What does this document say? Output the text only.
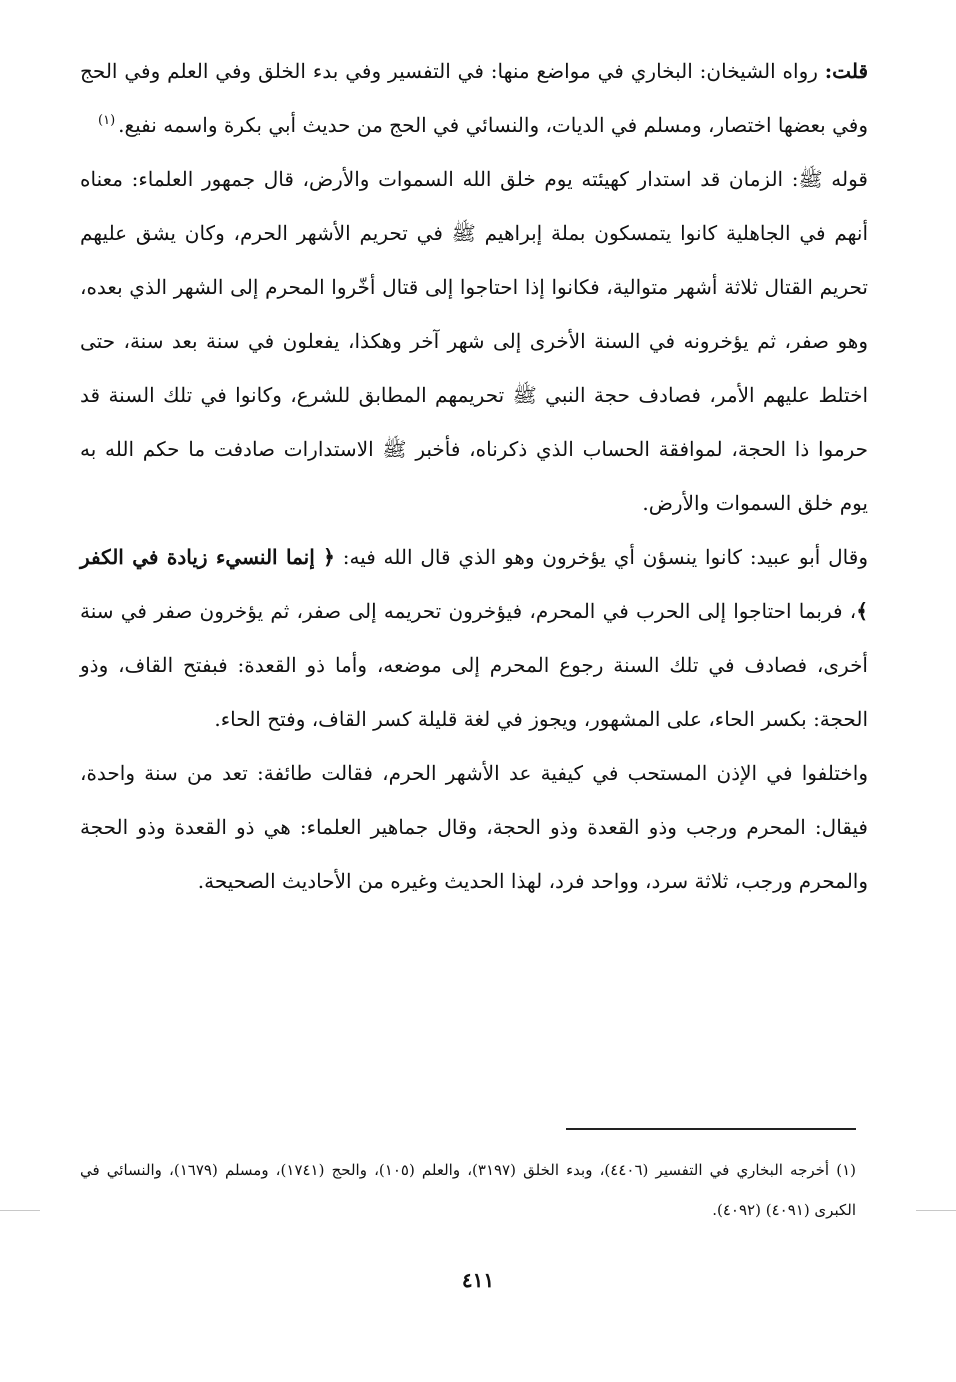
قلت: رواه الشيخان: البخاري في مواضع منها: في التفسير وفي بدء الخلق وفي العلم وفي الحج وفي بعضها اختصار، ومسلم في الديات، والنسائي في الحج من حديث أبي بكرة واسمه نفيع.$^{(١)}$

قوله ﷺ: الزمان قد استدار كهيئته يوم خلق الله السموات والأرض، قال جمهور العلماء: معناه أنهم في الجاهلية كانوا يتمسكون بملة إبراهيم ﷺ في تحريم الأشهر الحرم، وكان يشق عليهم تحريم القتال ثلاثة أشهر متوالية، فكانوا إذا احتاجوا إلى قتال أخّروا المحرم إلى الشهر الذي بعده، وهو صفر، ثم يؤخرونه في السنة الأخرى إلى شهر آخر وهكذا، يفعلون في سنة بعد سنة، حتى اختلط عليهم الأمر، فصادف حجة النبي ﷺ تحريمهم المطابق للشرع، وكانوا في تلك السنة قد حرموا ذا الحجة، لموافقة الحساب الذي ذكرناه، فأخبر ﷺ الاستدارات صادفت ما حكم الله به يوم خلق السموات والأرض.

وقال أبو عبيد: كانوا ينسؤن أي يؤخرون وهو الذي قال الله فيه: ﴿ إنما النسيء زيادة في الكفر ﴾، فربما احتاجوا إلى الحرب في المحرم، فيؤخرون تحريمه إلى صفر، ثم يؤخرون صفر في سنة أخرى، فصادف في تلك السنة رجوع المحرم إلى موضعه، وأما ذو القعدة: فبفتح القاف، وذو الحجة: بكسر الحاء، على المشهور، ويجوز في لغة قليلة كسر القاف، وفتح الحاء.

واختلفوا في الإذن المستحب في كيفية عد الأشهر الحرم، فقالت طائفة: تعد من سنة واحدة، فيقال: المحرم ورجب وذو القعدة وذو الحجة، وقال جماهير العلماء: هي ذو القعدة وذو الحجة والمحرم ورجب، ثلاثة سرد، وواحد فرد، لهذا الحديث وغيره من الأحاديث الصحيحة.

(١) أخرجه البخاري في التفسير (٤٤٠٦)، وبدء الخلق (٣١٩٧)، والعلم (١٠٥)، والحج (١٧٤١)، ومسلم (١٦٧٩)، والنسائي في الكبرى (٤٠٩١) (٤٠٩٢).

٤١١
